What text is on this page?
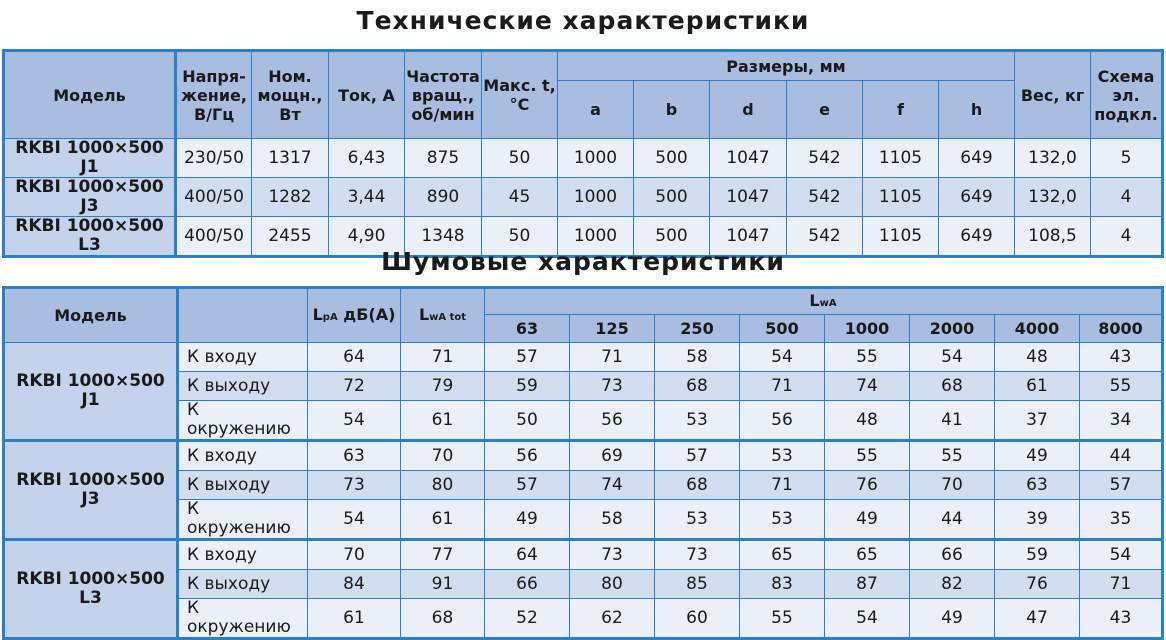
Технические характеристики
Модель	Напря-жение, В/Гц	Ном. мощн., Вт	Ток, А	Частота вращ., об/мин	Макс. t, °С	Размеры, мм						Вес, кг	Схема эл. подкл.
						a	b	d	e	f	h		
RKBI 1000×500 J1	230/50	1317	6,43	875	50	1000	500	1047	542	1105	649	132,0	5
RKBI 1000×500 J3	400/50	1282	3,44	890	45	1000	500	1047	542	1105	649	132,0	4
RKBI 1000×500 L3	400/50	2455	4,90	1348	50	1000	500	1047	542	1105	649	108,5	4
Шумовые характеристики
Модель		LpA дБ(А)	LwA tot	LwA							
				63	125	250	500	1000	2000	4000	8000
RKBI 1000×500 J1	К входу	64	71	57	71	58	54	55	54	48	43
	К выходу	72	79	59	73	68	71	74	68	61	55
	К окружению	54	61	50	56	53	56	48	41	37	34
RKBI 1000×500 J3	К входу	63	70	56	69	57	53	55	55	49	44
	К выходу	73	80	57	74	68	71	76	70	63	57
	К окружению	54	61	49	58	53	53	49	44	39	35
RKBI 1000×500 L3	К входу	70	77	64	73	73	65	65	66	59	54
	К выходу	84	91	66	80	85	83	87	82	76	71
	К окружению	61	68	52	62	60	55	54	49	47	43
